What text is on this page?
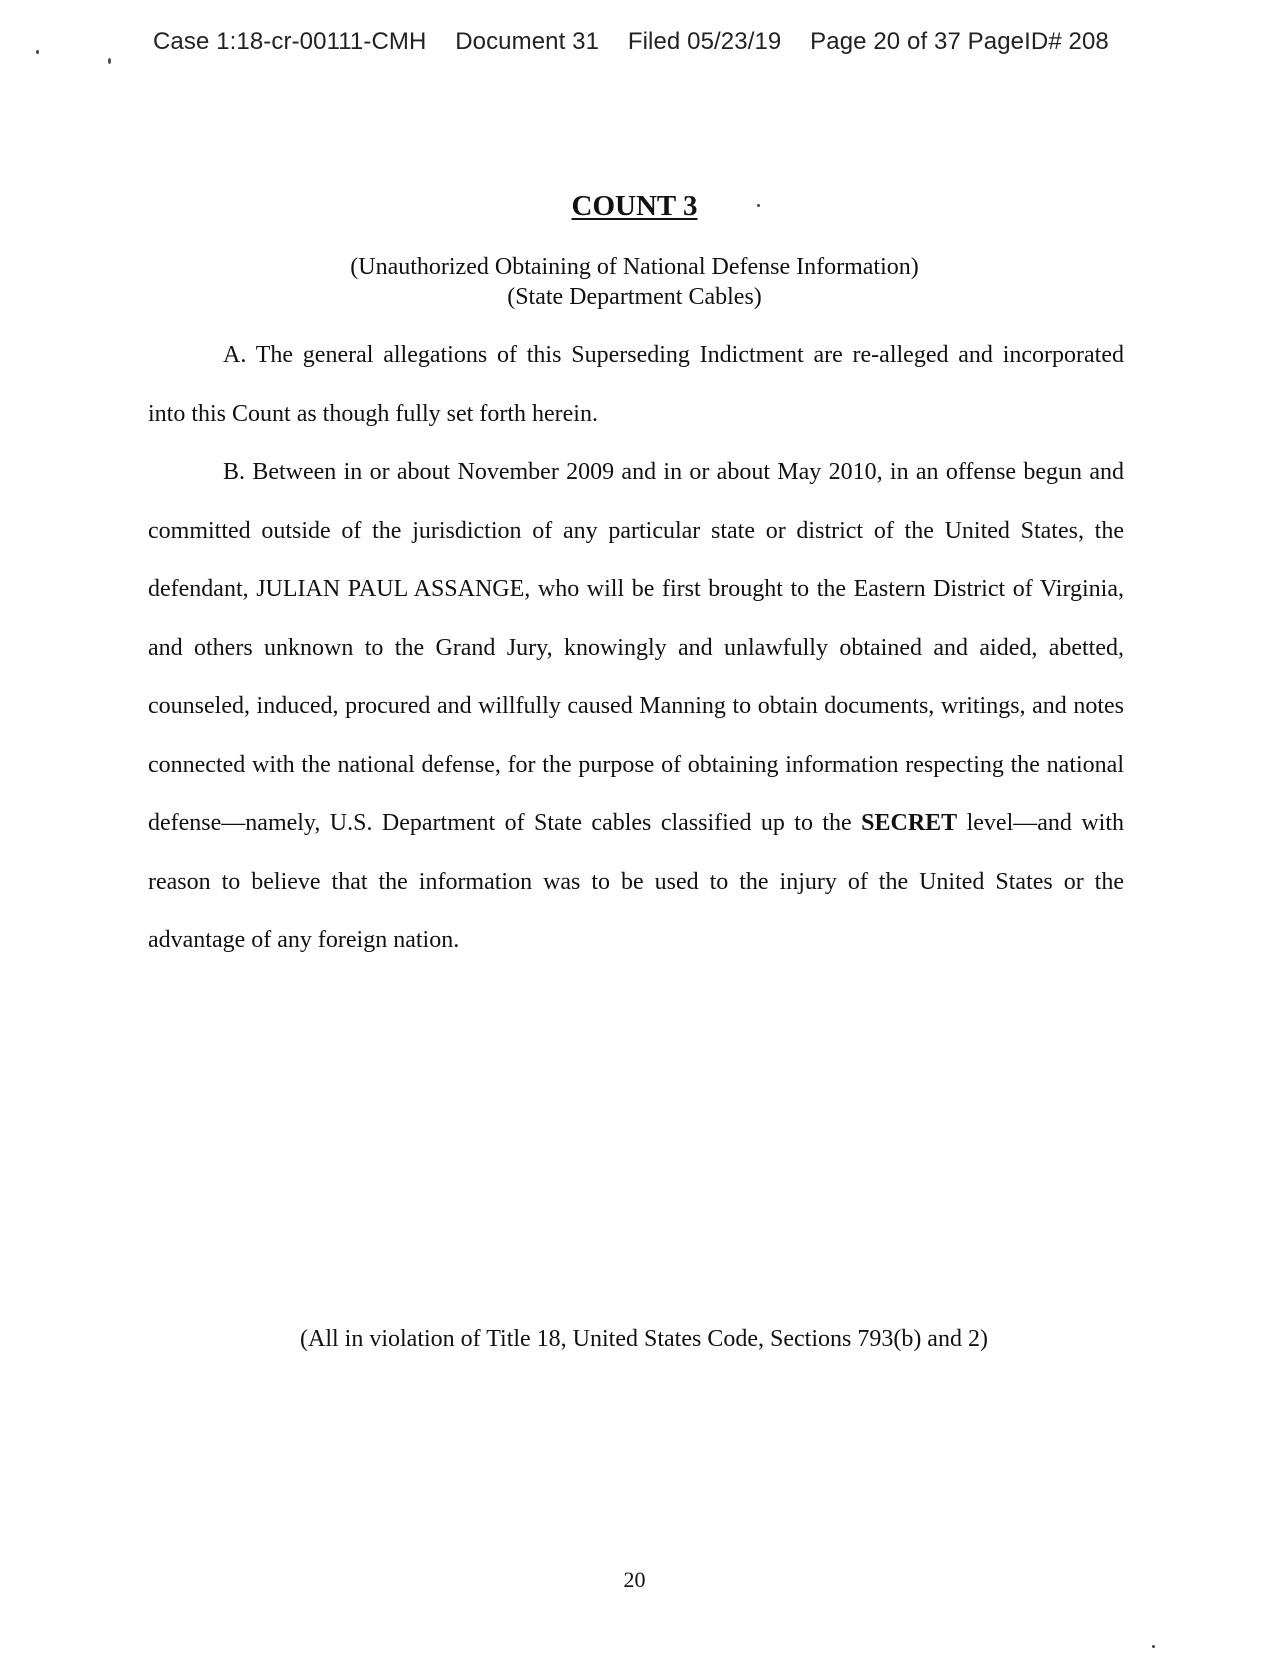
Case 1:18-cr-00111-CMH Document 31 Filed 05/23/19 Page 20 of 37 PageID# 208
COUNT 3
(Unauthorized Obtaining of National Defense Information)
(State Department Cables)

A. The general allegations of this Superseding Indictment are re-alleged and incorporated into this Count as though fully set forth herein.

B. Between in or about November 2009 and in or about May 2010, in an offense begun and committed outside of the jurisdiction of any particular state or district of the United States, the defendant, JULIAN PAUL ASSANGE, who will be first brought to the Eastern District of Virginia, and others unknown to the Grand Jury, knowingly and unlawfully obtained and aided, abetted, counseled, induced, procured and willfully caused Manning to obtain documents, writings, and notes connected with the national defense, for the purpose of obtaining information respecting the national defense—namely, U.S. Department of State cables classified up to the SECRET level—and with reason to believe that the information was to be used to the injury of the United States or the advantage of any foreign nation.

(All in violation of Title 18, United States Code, Sections 793(b) and 2)
20
